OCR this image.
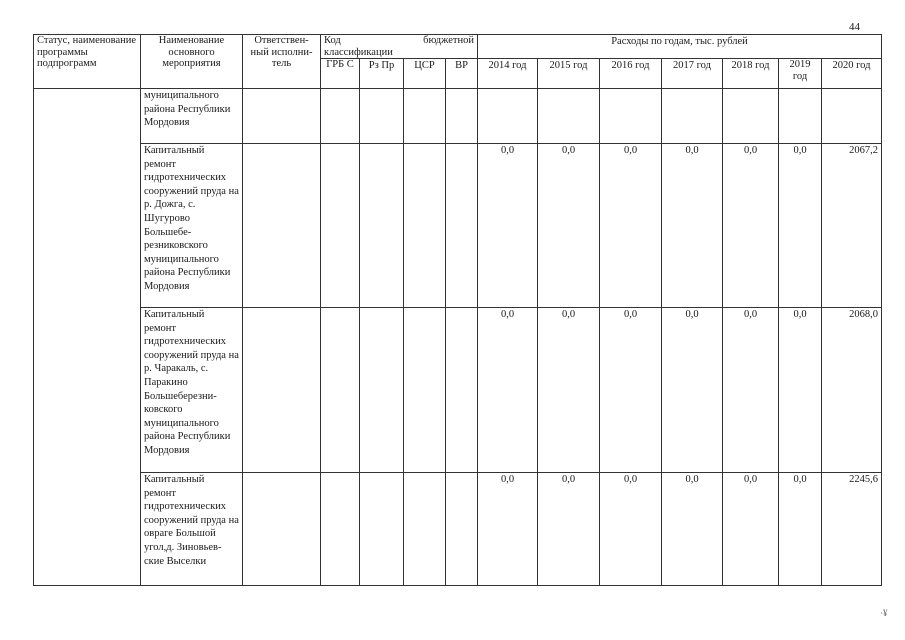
44
Статус, наименование программы подпрограмм	Наименование основного мероприятия	Ответствен-ный исполни-тель	Код бюджетной

классификации				Расходы по годам, тыс. рублей						
			ГРБ С	Рз Пр	ЦСР	ВР	2014 год	2015 год	2016 год	2017 год	2018 год	2019 год	2020 год
	муниципального района Республики Мордовия												
	Капитальный ремонт гидротехнических сооружений пруда на р. Дожга, с. Шугурово Большебе-резниковского муниципального района Республики Мордовия						0,0	0,0	0,0	0,0	0,0	0,0	2067,2
	Капитальный ремонт гидротехнических сооружений пруда на р. Чаракаль, с. Паракино Большеберезни-ковского муниципального района Республики Мордовия						0,0	0,0	0,0	0,0	0,0	0,0	2068,0
	Капитальный ремонт гидротехнических сооружений пруда на овраге Большой угол,д. Зиновьев-ские Выселки						0,0	0,0	0,0	0,0	0,0	0,0	2245,6
·¥
